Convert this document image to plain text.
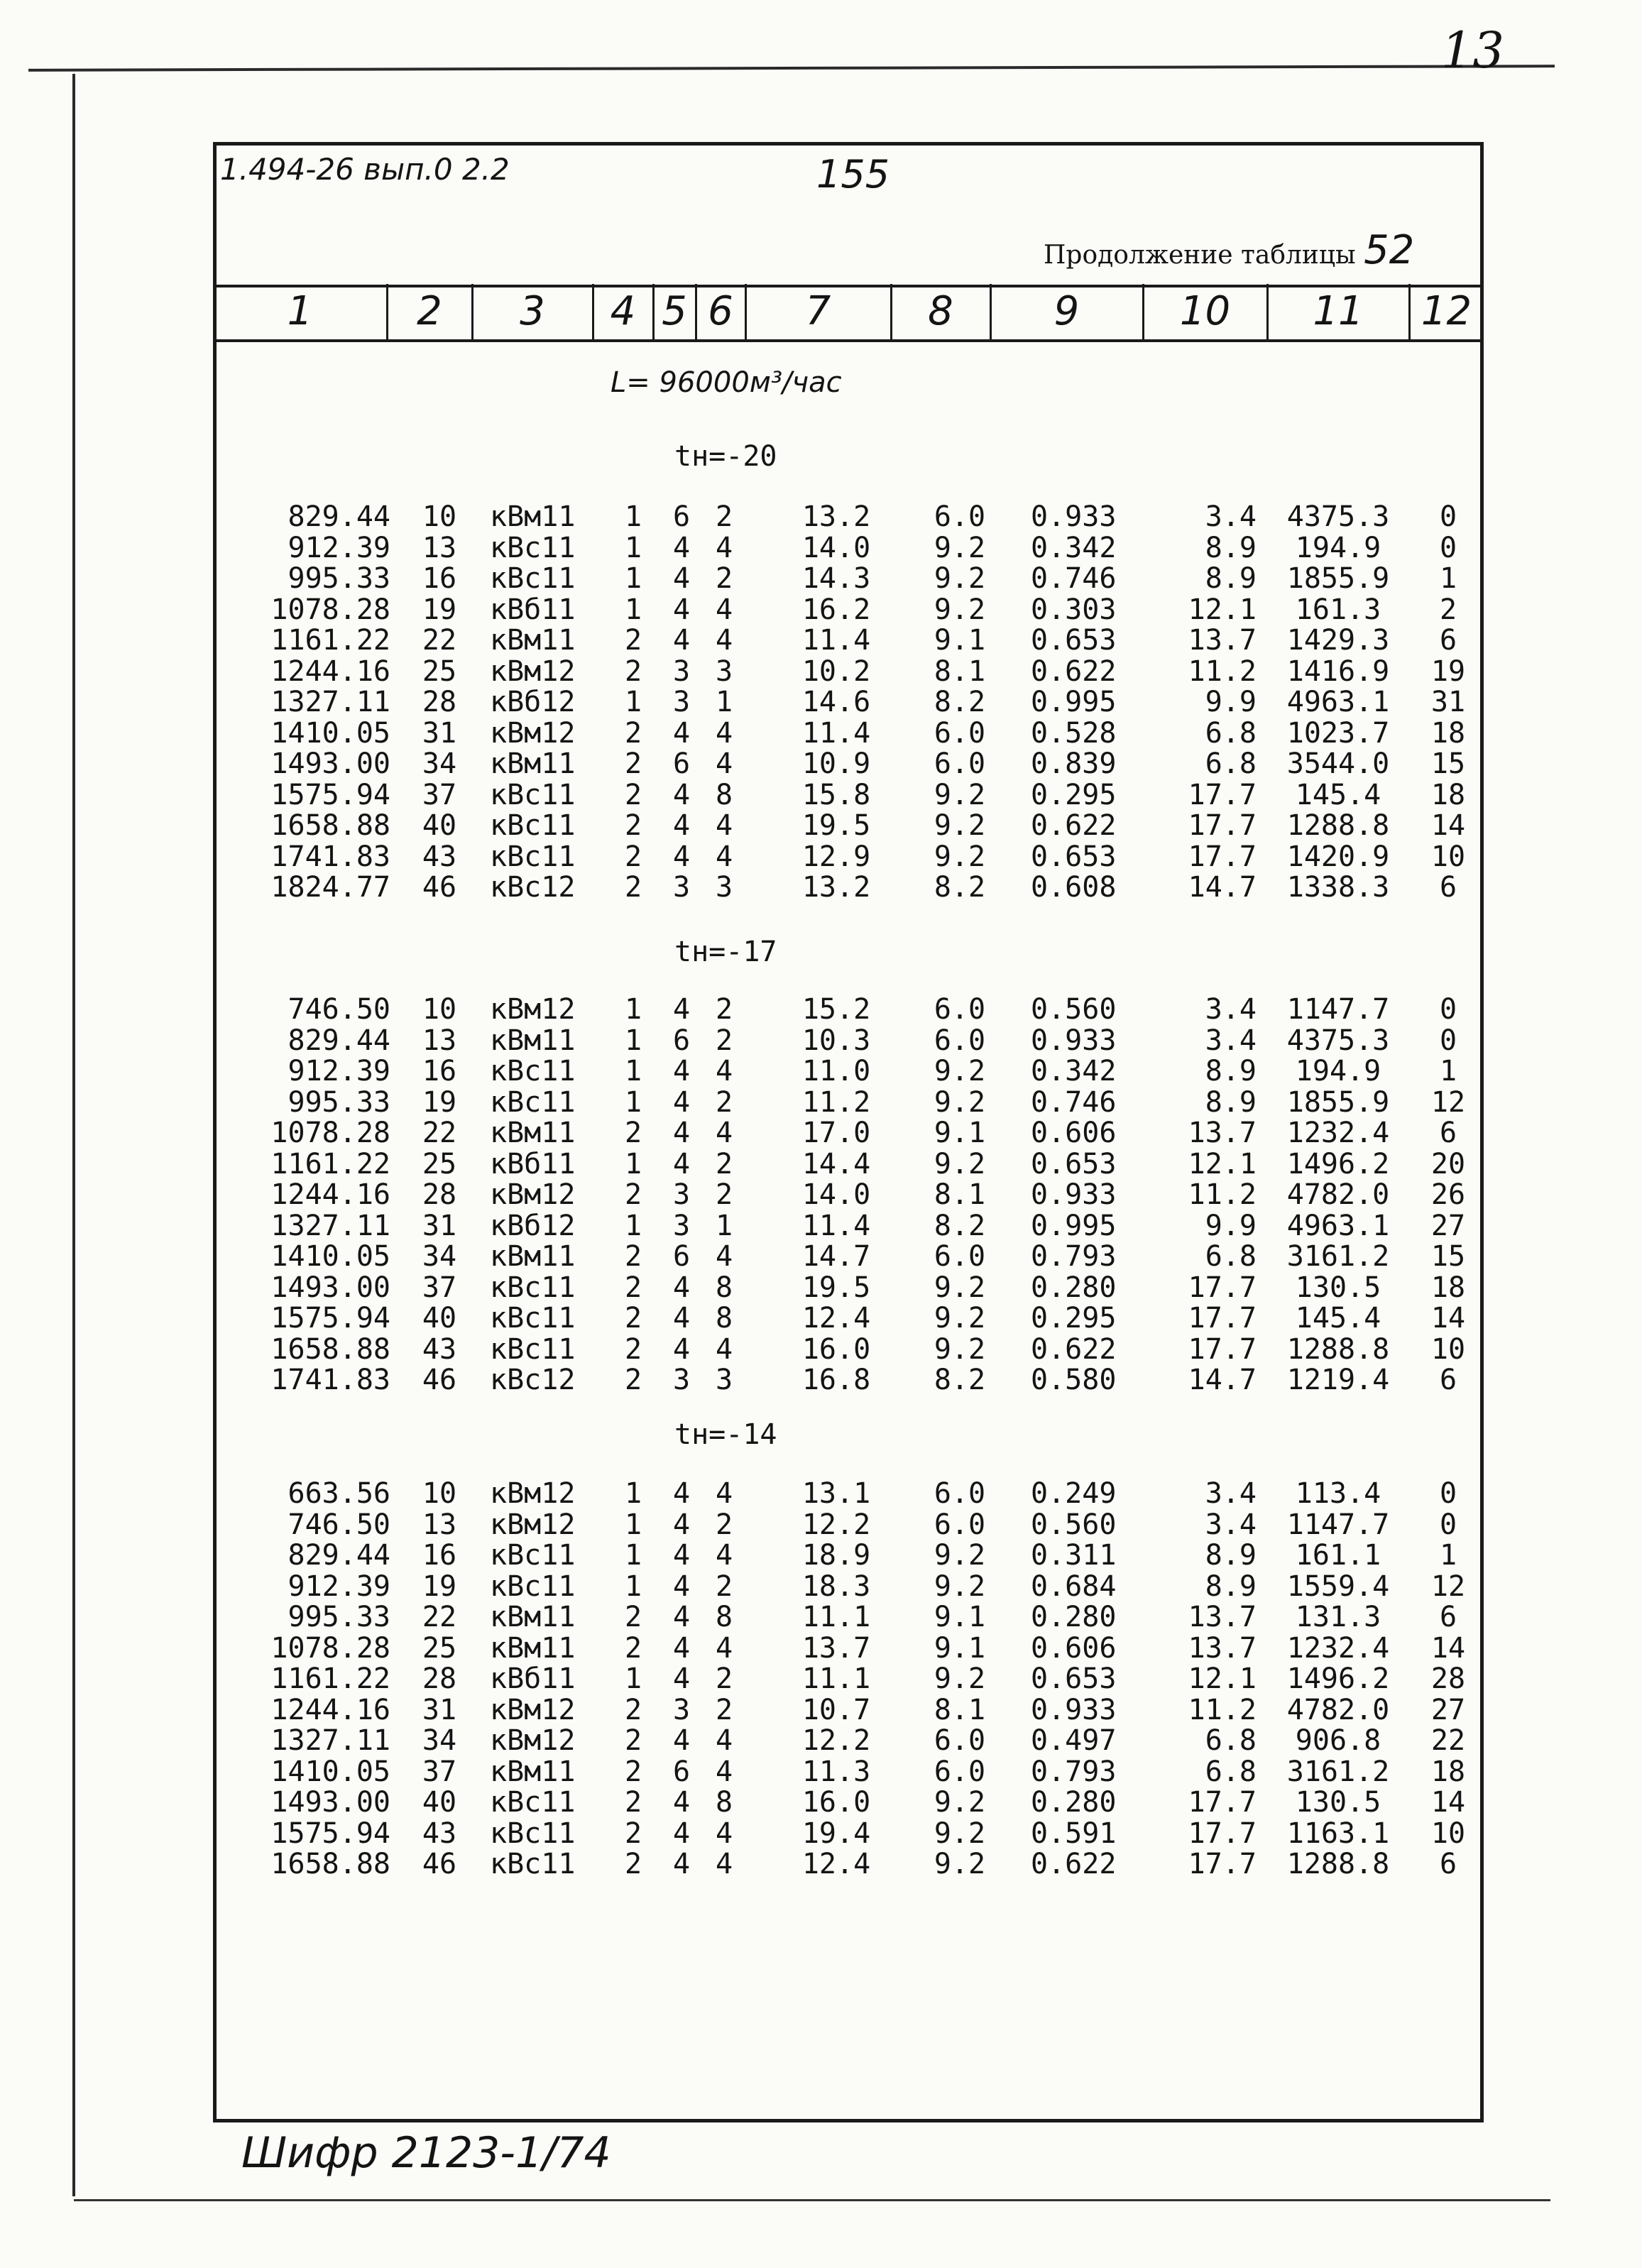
13
1.494-26 вып.0 2.2	155
Продолжение таблицы 52
1	2	3	4 5 6	7	8	9	10	11	12
L= 96000м³/час
tн=-20
829.44 10 кВм11	1 6 2	13.2	6.0	0.933	3.4	4375.3	0
912.39 13 кВс11	1 4 4	14.0	9.2	0.342	8.9	194.9	0
995.33 16 кВс11	1 4 2	14.3	9.2	0.746	8.9	1855.9	1
1078.28 19 кВб11	1 4 4	16.2	9.2	0.303	12.1	161.3	2
1161.22 22 кВм11	2 4 4	11.4	9.1	0.653	13.7	1429.3	6
1244.16 25 кВм12	2 3 3	10.2	8.1	0.622	11.2	1416.9	19
1327.11 28 кВб12	1 3 1	14.6	8.2	0.995	9.9	4963.1	31
1410.05 31 кВм12	2 4 4	11.4	6.0	0.528	6.8	1023.7	18
1493.00 34 кВм11	2 6 4	10.9	6.0	0.839	6.8	3544.0	15
1575.94 37 кВс11	2 4 8	15.8	9.2	0.295	17.7	145.4	18
1658.88 40 кВс11	2 4 4	19.5	9.2	0.622	17.7	1288.8	14
1741.83 43 кВс11	2 4 4	12.9	9.2	0.653	17.7	1420.9	10
1824.77 46 кВс12	2 3 3	13.2	8.2	0.608	14.7	1338.3	6
tн=-17
746.50 10 кВм12	1 4 2	15.2	6.0	0.560	3.4	1147.7	0
829.44 13 кВм11	1 6 2	10.3	6.0	0.933	3.4	4375.3	0
912.39 16 кВс11	1 4 4	11.0	9.2	0.342	8.9	194.9	1
995.33 19 кВс11	1 4 2	11.2	9.2	0.746	8.9	1855.9	12
1078.28 22 кВм11	2 4 4	17.0	9.1	0.606	13.7	1232.4	6
1161.22 25 кВб11	1 4 2	14.4	9.2	0.653	12.1	1496.2	20
1244.16 28 кВм12	2 3 2	14.0	8.1	0.933	11.2	4782.0	26
1327.11 31 кВб12	1 3 1	11.4	8.2	0.995	9.9	4963.1	27
1410.05 34 кВм11	2 6 4	14.7	6.0	0.793	6.8	3161.2	15
1493.00 37 кВс11	2 4 8	19.5	9.2	0.280	17.7	130.5	18
1575.94 40 кВс11	2 4 8	12.4	9.2	0.295	17.7	145.4	14
1658.88 43 кВс11	2 4 4	16.0	9.2	0.622	17.7	1288.8	10
1741.83 46 кВс12	2 3 3	16.8	8.2	0.580	14.7	1219.4	6
tн=-14
663.56 10 кВм12	1 4 4	13.1	6.0	0.249	3.4	113.4	0
746.50 13 кВм12	1 4 2	12.2	6.0	0.560	3.4	1147.7	0
829.44 16 кВс11	1 4 4	18.9	9.2	0.311	8.9	161.1	1
912.39 19 кВс11	1 4 2	18.3	9.2	0.684	8.9	1559.4	12
995.33 22 кВм11	2 4 8	11.1	9.1	0.280	13.7	131.3	6
1078.28 25 кВм11	2 4 4	13.7	9.1	0.606	13.7	1232.4	14
1161.22 28 кВб11	1 4 2	11.1	9.2	0.653	12.1	1496.2	28
1244.16 31 кВм12	2 3 2	10.7	8.1	0.933	11.2	4782.0	27
1327.11 34 кВм12	2 4 4	12.2	6.0	0.497	6.8	906.8	22
1410.05 37 кВм11	2 6 4	11.3	6.0	0.793	6.8	3161.2	18
1493.00 40 кВс11	2 4 8	16.0	9.2	0.280	17.7	130.5	14
1575.94 43 кВс11	2 4 4	19.4	9.2	0.591	17.7	1163.1	10
1658.88 46 кВс11	2 4 4	12.4	9.2	0.622	17.7	1288.8	6
Шифр 2123-1/74
